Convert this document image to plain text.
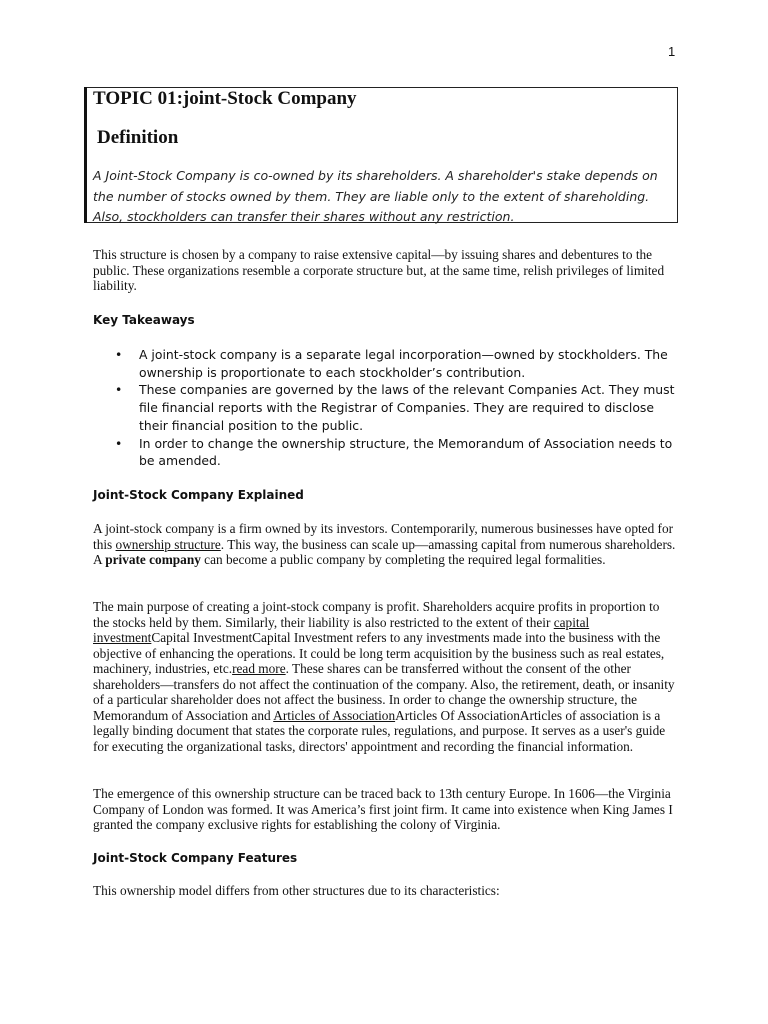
1
TOPIC 01:joint-Stock Company
Definition

A Joint-Stock Company is co-owned by its shareholders. A shareholder's stake depends on the number of stocks owned by them. They are liable only to the extent of shareholding. Also, stockholders can transfer their shares without any restriction.

This structure is chosen by a company to raise extensive capital—by issuing shares and debentures to the public. These organizations resemble a corporate structure but, at the same time, relish privileges of limited liability.

Key Takeaways
• A joint-stock company is a separate legal incorporation—owned by stockholders. The ownership is proportionate to each stockholder’s contribution.
• These companies are governed by the laws of the relevant Companies Act. They must file financial reports with the Registrar of Companies. They are required to disclose their financial position to the public.
• In order to change the ownership structure, the Memorandum of Association needs to be amended.
Joint-Stock Company Explained

A joint-stock company is a firm owned by its investors. Contemporarily, numerous businesses have opted for this ownership structure. This way, the business can scale up—amassing capital from numerous shareholders. A private company can become a public company by completing the required legal formalities.

The main purpose of creating a joint-stock company is profit. Shareholders acquire profits in proportion to the stocks held by them. Similarly, their liability is also restricted to the extent of their capital investmentCapital InvestmentCapital Investment refers to any investments made into the business with the objective of enhancing the operations. It could be long term acquisition by the business such as real estates, machinery, industries, etc.read more. These shares can be transferred without the consent of the other shareholders—transfers do not affect the continuation of the company. Also, the retirement, death, or insanity of a particular shareholder does not affect the business. In order to change the ownership structure, the Memorandum of Association and Articles of AssociationArticles Of AssociationArticles of association is a legally binding document that states the corporate rules, regulations, and purpose. It serves as a user's guide for executing the organizational tasks, directors' appointment and recording the financial information.

The emergence of this ownership structure can be traced back to 13th century Europe. In 1606—the Virginia Company of London was formed. It was America’s first joint firm. It came into existence when King James I granted the company exclusive rights for establishing the colony of Virginia.

Joint-Stock Company Features

This ownership model differs from other structures due to its characteristics:
